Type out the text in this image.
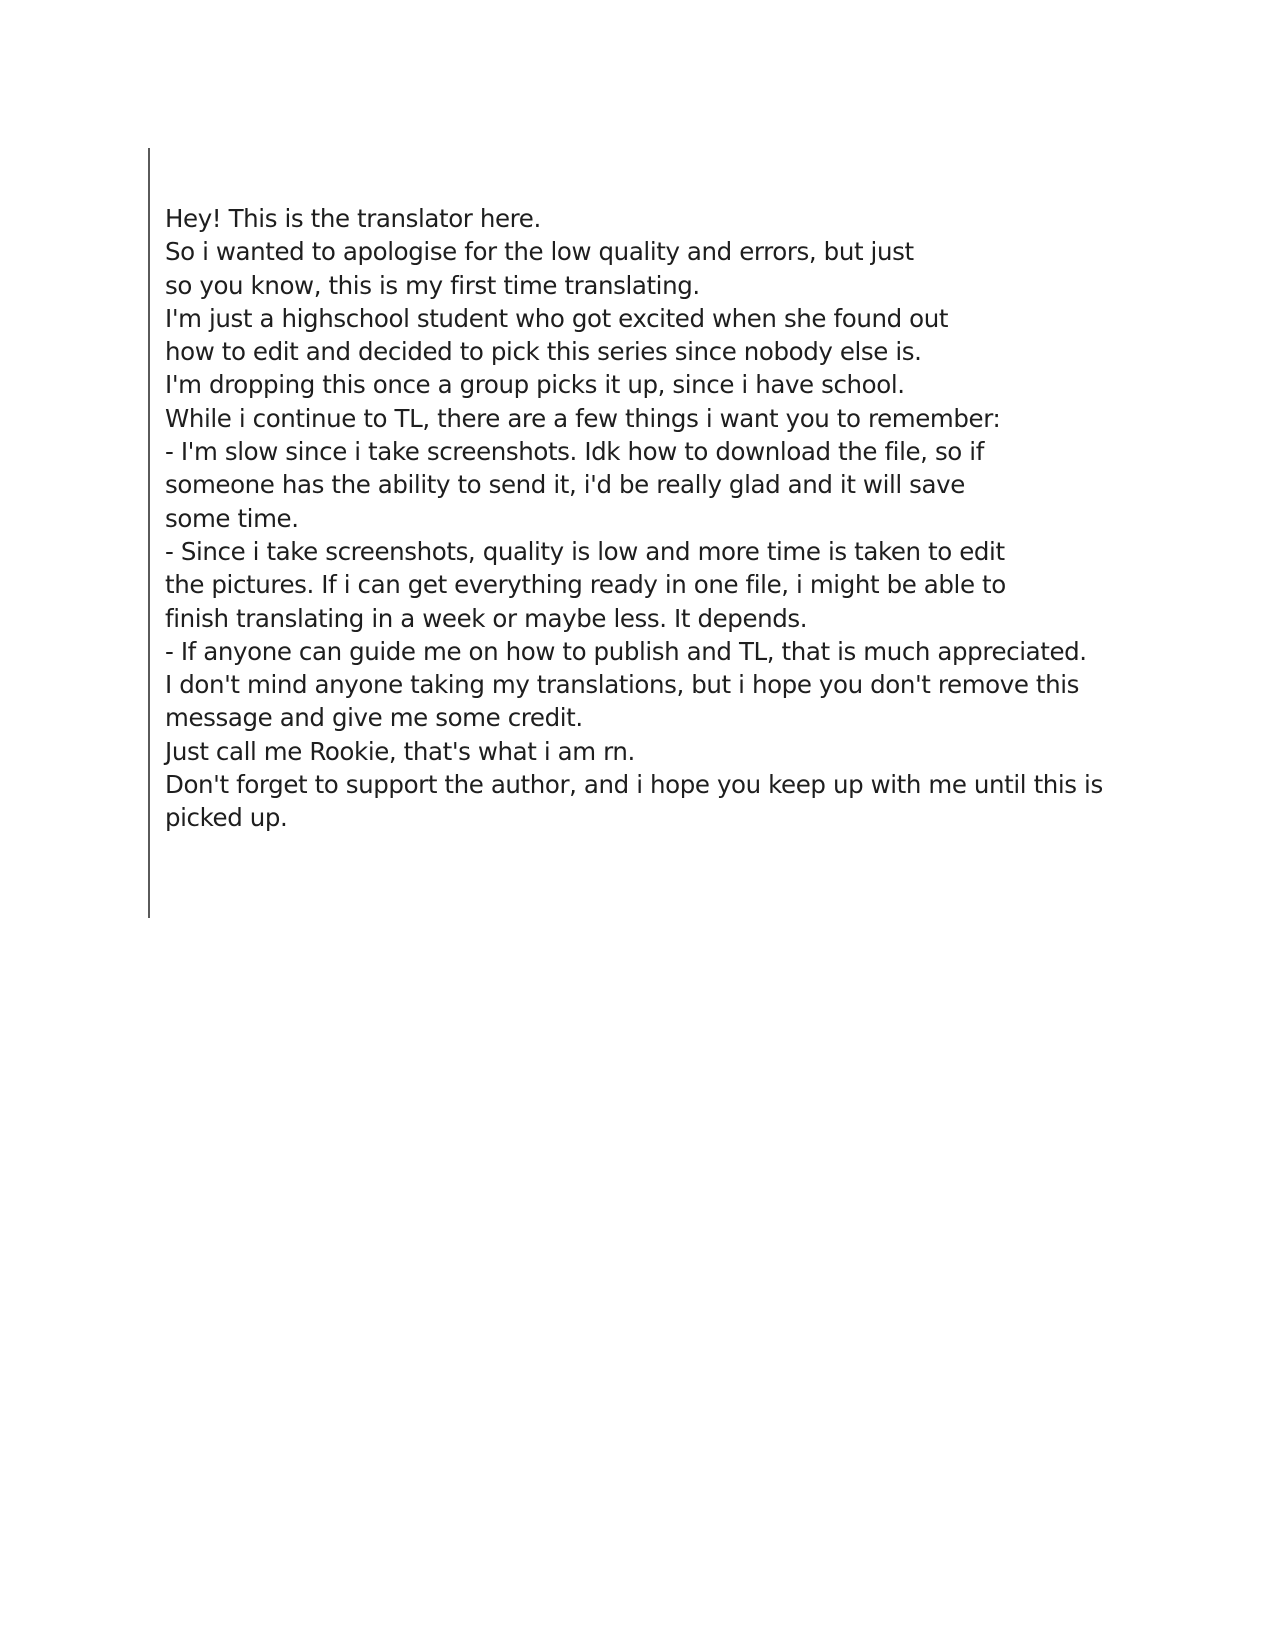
Hey! This is the translator here.
So i wanted to apologise for the low quality and errors, but just
so you know, this is my first time translating.
I'm just a highschool student who got excited when she found out
how to edit and decided to pick this series since nobody else is.
I'm dropping this once a group picks it up, since i have school.
While i continue to TL, there are a few things i want you to remember:
- I'm slow since i take screenshots. Idk how to download the file, so if
someone has the ability to send it, i'd be really glad and it will save
some time.
- Since i take screenshots, quality is low and more time is taken to edit
the pictures. If i can get everything ready in one file, i might be able to
finish translating in a week or maybe less. It depends.
- If anyone can guide me on how to publish and TL, that is much appreciated.
I don't mind anyone taking my translations, but i hope you don't remove this
message and give me some credit.
Just call me Rookie, that's what i am rn.
Don't forget to support the author, and i hope you keep up with me until this is
picked up.
